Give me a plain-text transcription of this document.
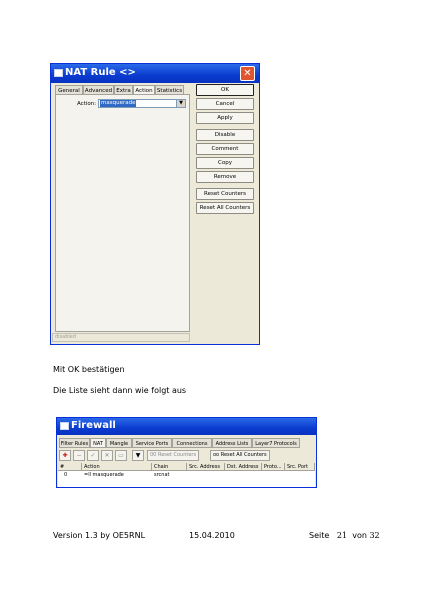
NAT Rule <>	✕
General Advanced Extra Action Statistics
Action: masquerade	▼
OK
Cancel
Apply
Disable
Comment
Copy
Remove
Reset Counters
Reset All Counters
disabled
Mit OK bestätigen
Die Liste sieht dann wie folgt aus
Firewall
Filter Rules NAT	Mangle	Service Ports	Connections	Address Lists	Layer7 Protocols
✚	−	✓	✕	▭	▼	00 Reset Counters	oo Reset All Counters
#	Action	Chain	Src. Address	Dst. Address	Proto...	Src. Port
0	=ll masquerade	srcnat
Version 1.3 by OE5RNL	15.04.2010	Seite 21 von 32
